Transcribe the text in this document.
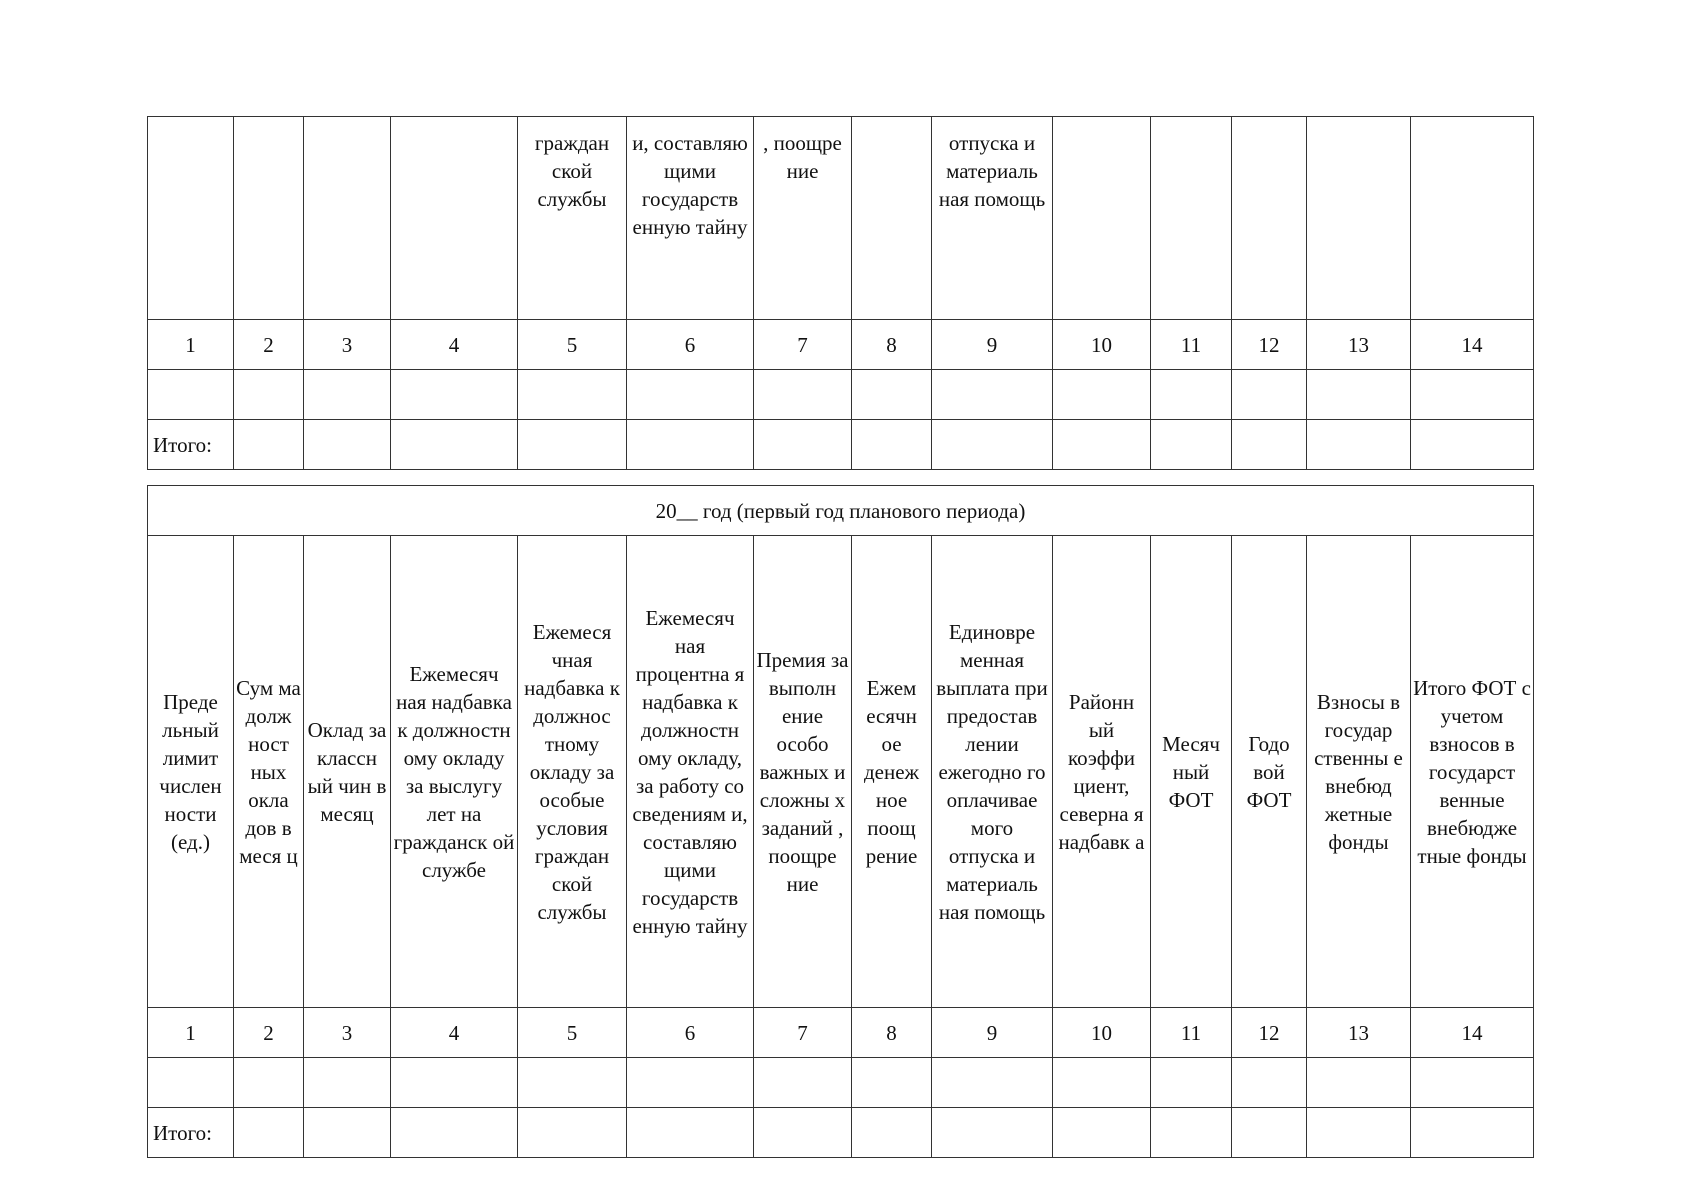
				граждан ской службы	и, составляю щими государств енную тайну	, поощре ние		отпуска и материаль ная помощь					
1	2	3	4	5	6	7	8	9	10	11	12	13	14

Итого:													
20__ год (первый год планового периода)													
Преде льный лимит числен ности (ед.)	Сум ма долж ност ных окла дов в меся ц	Оклад за классн ый чин в месяц	Ежемесяч ная надбавка к должностн ому окладу за выслугу лет на гражданск ой службе	Ежемеся чная надбавка к должнос тному окладу за особые условия граждан ской службы	Ежемесяч ная процентна я надбавка к должностн ому окладу, за работу со сведениям и, составляю щими государств енную тайну	Премия за выполн ение особо важных и сложны х заданий , поощре ние	Ежем есячн ое денеж ное поощ рение	Единовре менная выплата при предостав лении ежегодно го оплачивае мого отпуска и материаль ная помощь	Районн ый коэффи циент, северна я надбавк а	Месяч ный ФОТ	Годо вой ФОТ	Взносы в государ ственны е внебюд жетные фонды	Итого ФОТ с учетом взносов в государст венные внебюдже тные фонды
1	2	3	4	5	6	7	8	9	10	11	12	13	14

Итого:													
